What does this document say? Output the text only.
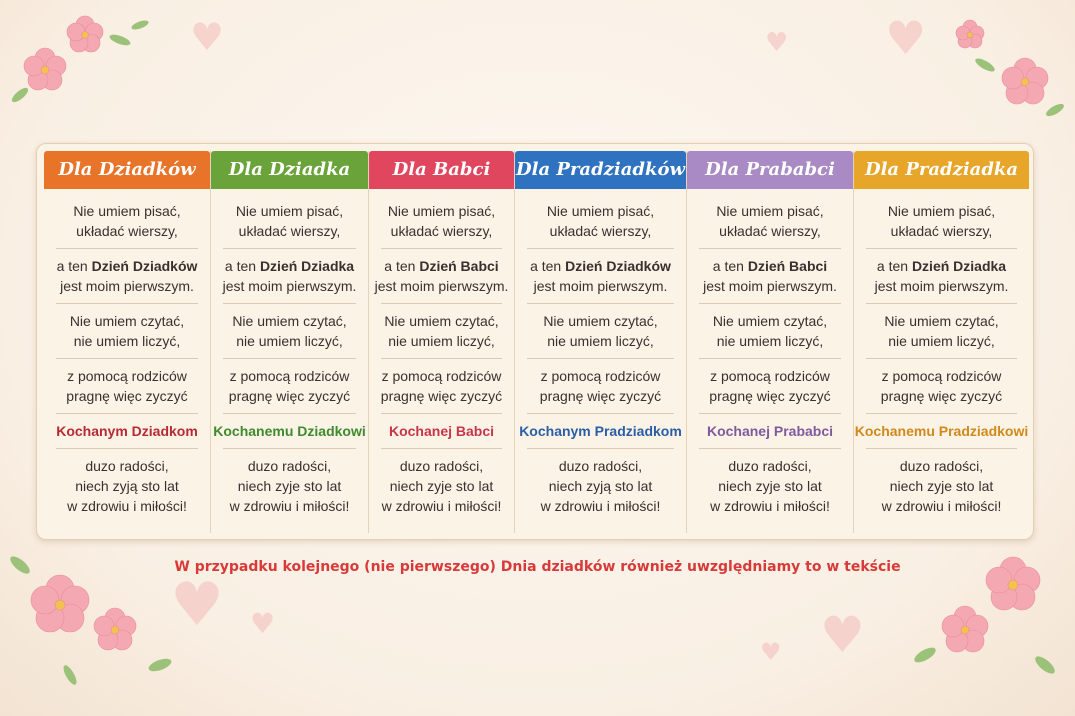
♥	♥
♥
♥ ♥	♥
♥
Dla Dziadków
Nie umiem pisać,
układać wierszy,
a ten Dzień Dziadków
jest moim pierwszym.
Nie umiem czytać,
nie umiem liczyć,
z pomocą rodziców
pragnę więc zyczyć
Kochanym Dziadkom
duzo radości,
niech zyją sto lat
w zdrowiu i miłości!
Dla Dziadka
Nie umiem pisać,
układać wierszy,
a ten Dzień Dziadka
jest moim pierwszym.
Nie umiem czytać,
nie umiem liczyć,
z pomocą rodziców
pragnę więc zyczyć
Kochanemu Dziadkowi
duzo radości,
niech zyje sto lat
w zdrowiu i miłości!
Dla Babci
Nie umiem pisać,
układać wierszy,
a ten Dzień Babci
jest moim pierwszym.
Nie umiem czytać,
nie umiem liczyć,
z pomocą rodziców
pragnę więc zyczyć
Kochanej Babci
duzo radości,
niech zyje sto lat
w zdrowiu i miłości!
Dla Pradziadków
Nie umiem pisać,
układać wierszy,
a ten Dzień Dziadków
jest moim pierwszym.
Nie umiem czytać,
nie umiem liczyć,
z pomocą rodziców
pragnę więc zyczyć
Kochanym Pradziadkom
duzo radości,
niech zyją sto lat
w zdrowiu i miłości!
Dla Prababci
Nie umiem pisać,
układać wierszy,
a ten Dzień Babci
jest moim pierwszym.
Nie umiem czytać,
nie umiem liczyć,
z pomocą rodziców
pragnę więc zyczyć
Kochanej Prababci
duzo radości,
niech zyje sto lat
w zdrowiu i miłości!
Dla Pradziadka
Nie umiem pisać,
układać wierszy,
a ten Dzień Dziadka
jest moim pierwszym.
Nie umiem czytać,
nie umiem liczyć,
z pomocą rodziców
pragnę więc zyczyć
Kochanemu Pradziadkowi
duzo radości,
niech zyje sto lat
w zdrowiu i miłości!
W przypadku kolejnego (nie pierwszego) Dnia dziadków również uwzględniamy to w tekście
